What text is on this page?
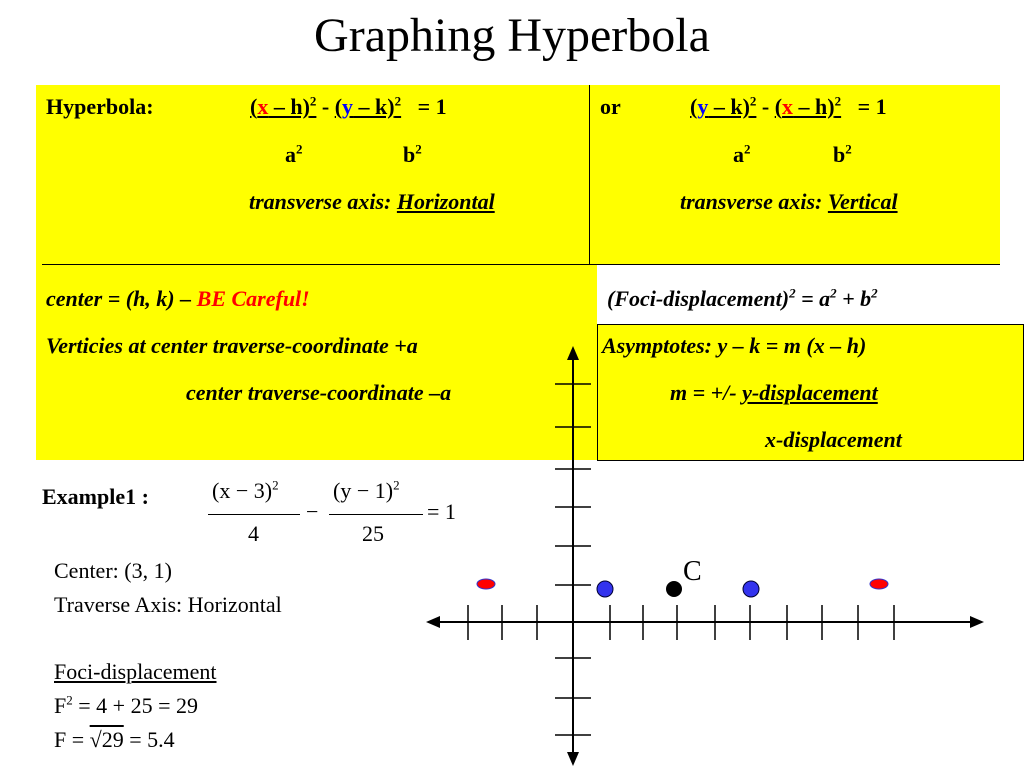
Graphing Hyperbola
Hyperbola:	(x – h)$^2$ - (y – k)$^2$ = 1
$a^2$	$b^2$
transverse axis: Horizontal
or	(y – k)$^2$ - (x – h)$^2$ = 1
$a^2$	$b^2$
transverse axis: Vertical
center = (h, k) – BE Careful!	(Foci-displacement)$^2$ = $a^2 + b^2$
Verticies at center traverse-coordinate +a
center traverse-coordinate –a
Asymptotes: y – k = m (x – h)
m = +/- y-displacement
x-displacement
Example1 :	$(x - 3)^2$
4
−
$(y - 1)^2$
25
= 1
Center: (3, 1)
Traverse Axis: Horizontal
Foci-displacement
$F^2 = 4 + 25 = 29$
F = √29 = 5.4
C
